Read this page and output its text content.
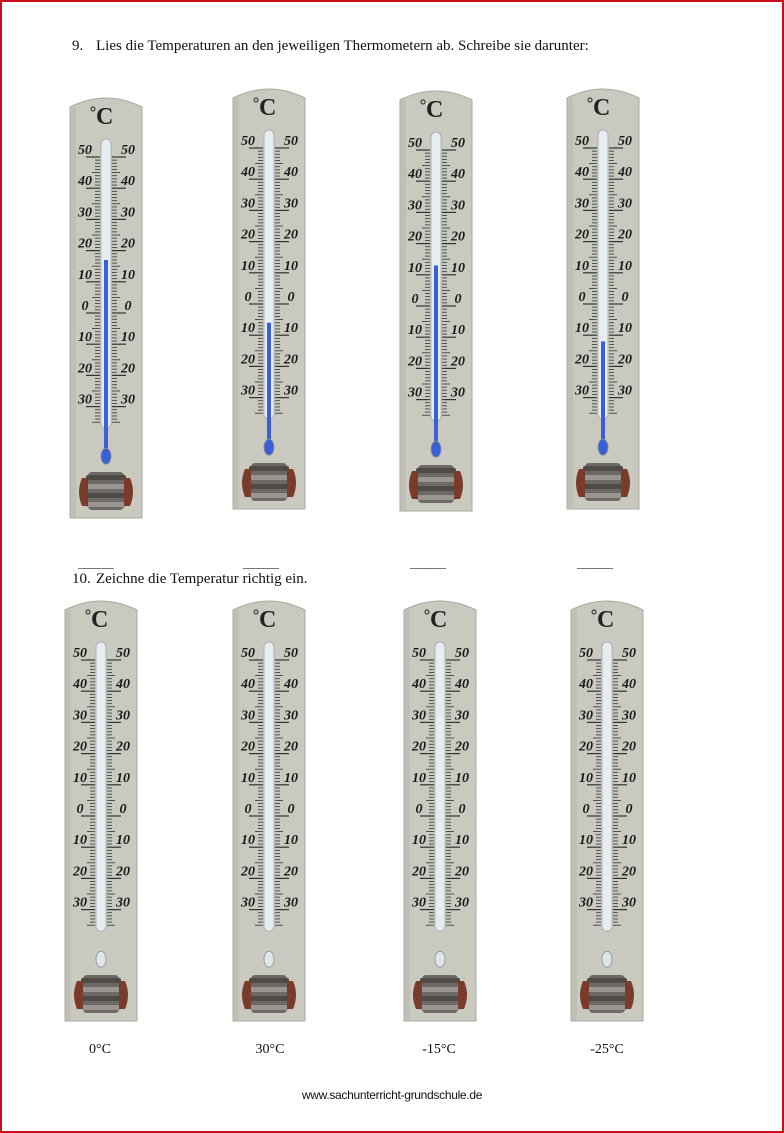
9. Lies die Temperaturen an den jeweiligen Thermometern ab. Schreibe sie darunter:
C
50 50
40 40
30 30
20 20
10 10
0	0
10 10
20 20
30 30
C
50 50
40 40
30 30
20 20
10 10
0	0
10 10
20 20
30 30
C
50 50
40 40
30 30
20 20
10 10
0	0
10 10
20 20
30 30
C
50 50
40 40
30 30
20 20
10 10
0	0
10 10
20 20
30 30
_______	_______	_______	_______
10. Zeichne die Temperatur richtig ein.
C
50 50
40 40
30 30
20 20
10 10
0	0
10 10
20 20
30 30
C
50 50
40 40
30 30
20 20
10 10
0	0
10 10
20 20
30 30
C
50 50
40 40
30 30
20 20
10 10
0	0
10 10
20 20
30 30
C
50 50
40 40
30 30
20 20
10 10
0	0
10 10
20 20
30 30
0°C	30°C	-15°C	-25°C
www.sachunterricht-grundschule.de
